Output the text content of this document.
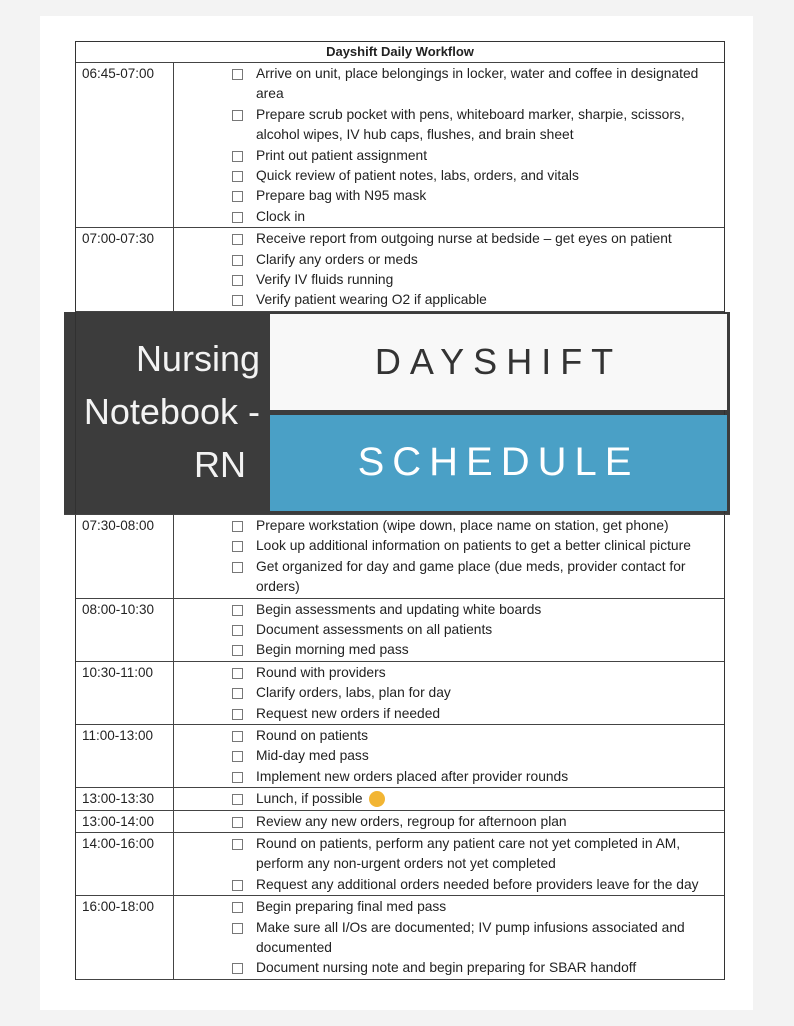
Dayshift Daily Workflow
06:45-07:00	Arrive on unit, place belongings in locker, water and coffee in designated area
Prepare scrub pocket with pens, whiteboard marker, sharpie, scissors, alcohol wipes, IV hub caps, flushes, and brain sheet
Print out patient assignment
Quick review of patient notes, labs, orders, and vitals
Prepare bag with N95 mask
Clock in
07:00-07:30	Receive report from outgoing nurse at bedside – get eyes on patient
Clarify any orders or meds
Verify IV fluids running
Verify patient wearing O2 if applicable
Nursing
Notebook -
RN
DAYSHIFT
SCHEDULE
07:30-08:00	Prepare workstation (wipe down, place name on station, get phone)
Look up additional information on patients to get a better clinical picture
Get organized for day and game place (due meds, provider contact for orders)
08:00-10:30	Begin assessments and updating white boards
Document assessments on all patients
Begin morning med pass
10:30-11:00	Round with providers
Clarify orders, labs, plan for day
Request new orders if needed
11:00-13:00	Round on patients
Mid-day med pass
Implement new orders placed after provider rounds
13:00-13:30	Lunch, if possible
13:00-14:00	Review any new orders, regroup for afternoon plan
14:00-16:00	Round on patients, perform any patient care not yet completed in AM, perform any non-urgent orders not yet completed
Request any additional orders needed before providers leave for the day
16:00-18:00	Begin preparing final med pass
Make sure all I/Os are documented; IV pump infusions associated and documented
Document nursing note and begin preparing for SBAR handoff
